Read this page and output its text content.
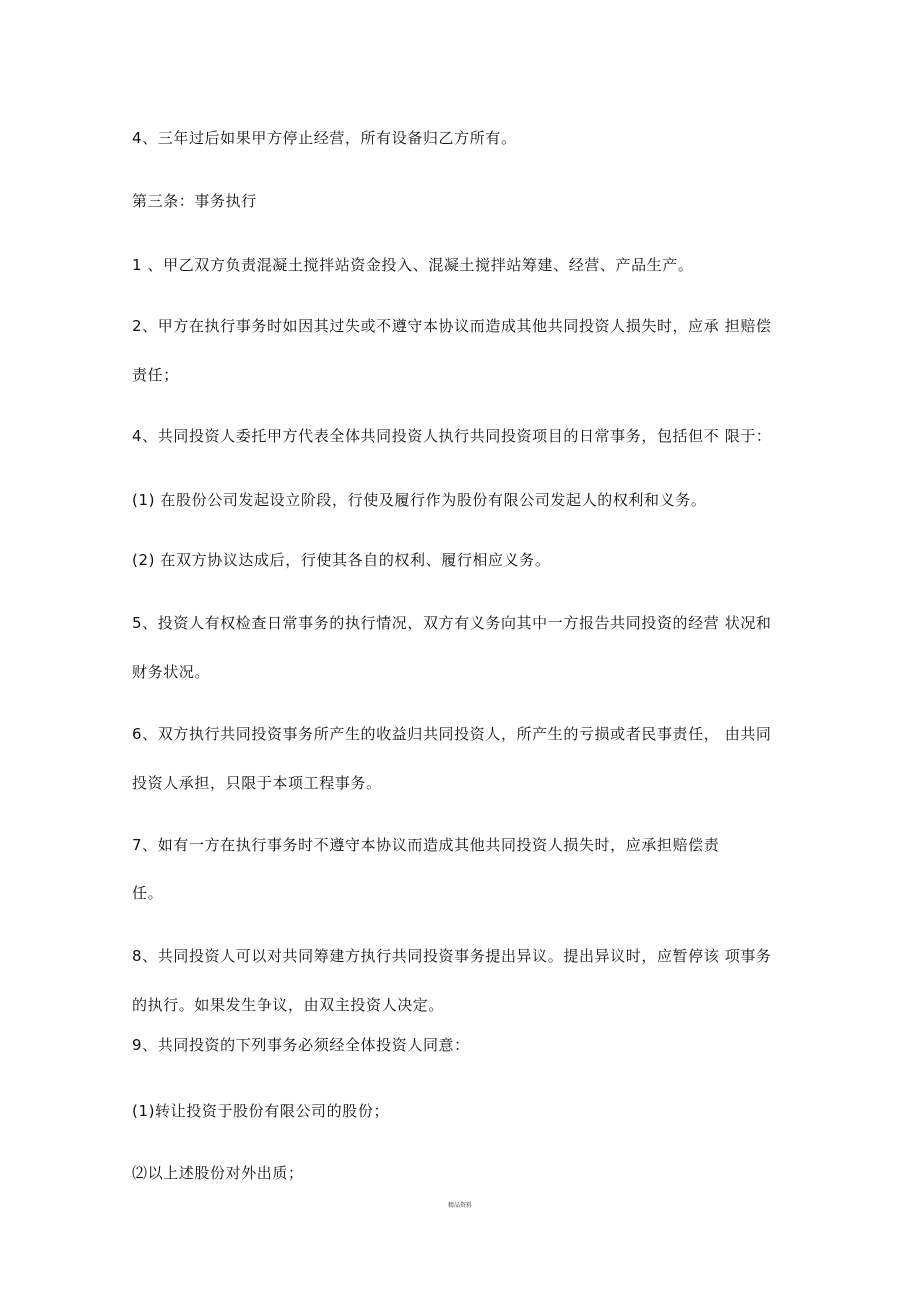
4、三年过后如果甲方停止经营，所有设备归乙方所有。
第三条：事务执行
1 、甲乙双方负责混凝土搅拌站资金投入、混凝土搅拌站筹建、经营、产品生产。
2、甲方在执行事务时如因其过失或不遵守本协议而造成其他共同投资人损失时，应承 担赔偿
责任；
4、共同投资人委托甲方代表全体共同投资人执行共同投资项目的日常事务，包括但不 限于：
(1) 在股份公司发起设立阶段，行使及履行作为股份有限公司发起人的权利和义务。
(2) 在双方协议达成后，行使其各自的权利、履行相应义务。
5、投资人有权检查日常事务的执行情况，双方有义务向其中一方报告共同投资的经营 状况和
财务状况。
6、双方执行共同投资事务所产生的收益归共同投资人，所产生的亏损或者民事责任， 由共同
投资人承担，只限于本项工程事务。
7、如有一方在执行事务时不遵守本协议而造成其他共同投资人损失时，应承担赔偿责
任。
8、共同投资人可以对共同筹建方执行共同投资事务提出异议。提出异议时，应暂停该 项事务
的执行。如果发生争议，由双主投资人决定。
9、共同投资的下列事务必须经全体投资人同意：
(1)转让投资于股份有限公司的股份；
⑵以上述股份对外出质；
精品资料
